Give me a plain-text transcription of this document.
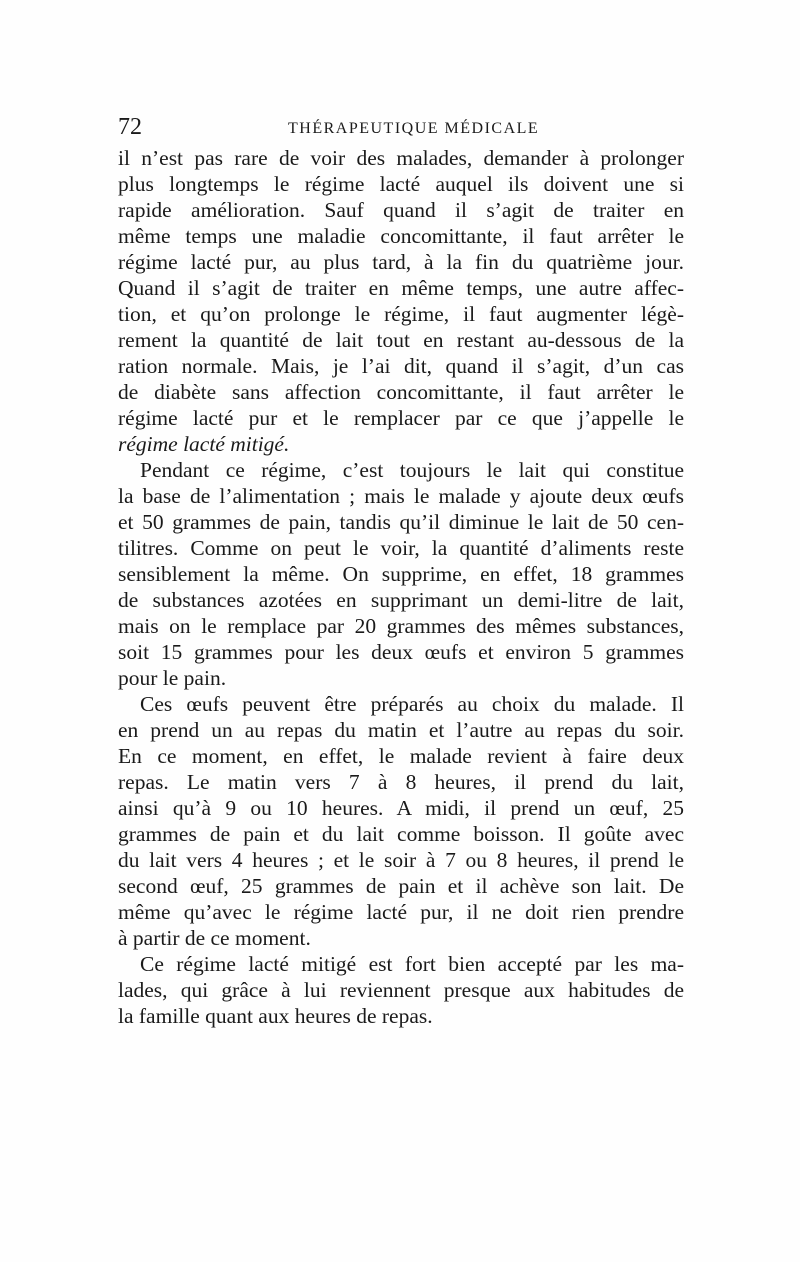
72	THÉRAPEUTIQUE MÉDICALE
il n’est pas rare de voir des malades, demander à prolonger
plus longtemps le régime lacté auquel ils doivent une si
rapide amélioration. Sauf quand il s’agit de traiter en
même temps une maladie concomittante, il faut arrêter le
régime lacté pur, au plus tard, à la fin du quatrième jour.
Quand il s’agit de traiter en même temps, une autre affec-
tion, et qu’on prolonge le régime, il faut augmenter légè-
rement la quantité de lait tout en restant au-dessous de la
ration normale. Mais, je l’ai dit, quand il s’agit, d’un cas
de diabète sans affection concomittante, il faut arrêter le
régime lacté pur et le remplacer par ce que j’appelle le
régime lacté mitigé.
Pendant ce régime, c’est toujours le lait qui constitue
la base de l’alimentation ; mais le malade y ajoute deux œufs
et 50 grammes de pain, tandis qu’il diminue le lait de 50 cen-
tilitres. Comme on peut le voir, la quantité d’aliments reste
sensiblement la même. On supprime, en effet, 18 grammes
de substances azotées en supprimant un demi-litre de lait,
mais on le remplace par 20 grammes des mêmes substances,
soit 15 grammes pour les deux œufs et environ 5 grammes
pour le pain.
Ces œufs peuvent être préparés au choix du malade. Il
en prend un au repas du matin et l’autre au repas du soir.
En ce moment, en effet, le malade revient à faire deux
repas. Le matin vers 7 à 8 heures, il prend du lait,
ainsi qu’à 9 ou 10 heures. A midi, il prend un œuf, 25
grammes de pain et du lait comme boisson. Il goûte avec
du lait vers 4 heures ; et le soir à 7 ou 8 heures, il prend le
second œuf, 25 grammes de pain et il achève son lait. De
même qu’avec le régime lacté pur, il ne doit rien prendre
à partir de ce moment.
Ce régime lacté mitigé est fort bien accepté par les ma-
lades, qui grâce à lui reviennent presque aux habitudes de
la famille quant aux heures de repas.
